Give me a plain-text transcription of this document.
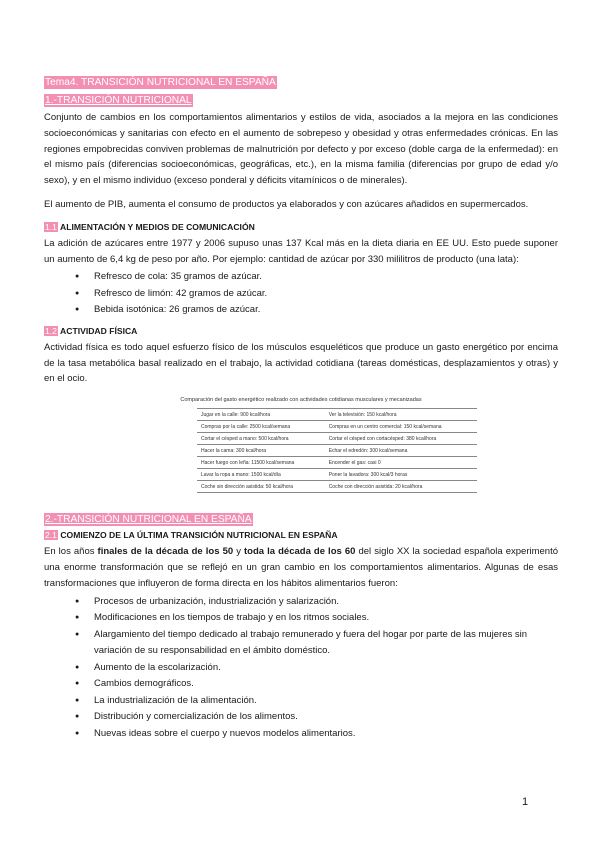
Tema4. TRANSICIÓN NUTRICIONAL EN ESPAÑA
1.-TRANSICIÓN NUTRICIONAL

Conjunto de cambios en los comportamientos alimentarios y estilos de vida, asociados a la mejora en las condiciones socioeconómicas y sanitarias con efecto en el aumento de sobrepeso y obesidad y otras enfermedades crónicas. En las regiones empobrecidas conviven problemas de malnutrición por defecto y por exceso (doble carga de la enfermedad): en el mismo país (diferencias socioeconómicas, geográficas, etc.), en la misma familia (diferencias por grupo de edad y/o sexo), y en el mismo individuo (exceso ponderal y déficits vitamínicos o de minerales).

El aumento de PIB, aumenta el consumo de productos ya elaborados y con azúcares añadidos en supermercados.

1.1 ALIMENTACIÓN Y MEDIOS DE COMUNICACIÓN

La adición de azúcares entre 1977 y 2006 supuso unas 137 Kcal más en la dieta diaria en EE UU. Esto puede suponer un aumento de 6,4 kg de peso por año. Por ejemplo: cantidad de azúcar por 330 mililitros de producto (una lata):

● Refresco de cola: 35 gramos de azúcar.
● Refresco de limón: 42 gramos de azúcar.
● Bebida isotónica: 26 gramos de azúcar.
1.2 ACTIVIDAD FÍSICA

Actividad física es todo aquel esfuerzo físico de los músculos esqueléticos que produce un gasto energético por encima de la tasa metabólica basal realizado en el trabajo, la actividad cotidiana (tareas domésticas, desplazamientos y otras) y en el ocio.

Comparación del gasto energético realizado con actividades cotidianas musculares y mecanizadas
Jugar en la calle: 900 kcal/hora	Ver la televisión: 150 kcal/hora
Compras por la calle: 2500 kcal/semana	Compras en un centro comercial: 150 kcal/semana
Cortar el césped a mano: 500 kcal/hora	Cortar el césped con cortacésped: 380 kcal/hora
Hacer la cama: 300 kcal/hora	Echar el edredón: 300 kcal/semana
Hacer fuego con leña: 11500 kcal/semana	Encender el gas: casi 0
Lavar la ropa a mano: 1500 kcal/día	Poner la lavadora: 300 kcal/3 horas
Coche sin dirección asistida: 50 kcal/hora	Coche con dirección asistida: 20 kcal/hora
2.-TRANSICIÓN NUTRICIONAL EN ESPAÑA
2.1 COMIENZO DE LA ÚLTIMA TRANSICIÓN NUTRICIONAL EN ESPAÑA

En los años finales de la década de los 50 y toda la década de los 60 del siglo XX la sociedad española experimentó una enorme transformación que se reflejó en un gran cambio en los comportamientos alimentarios. Algunas de esas transformaciones que influyeron de forma directa en los hábitos alimentarios fueron:

● Procesos de urbanización, industrialización y salarización.
● Modificaciones en los tiempos de trabajo y en los ritmos sociales.
● Alargamiento del tiempo dedicado al trabajo remunerado y fuera del hogar por parte de las mujeres sin variación de su responsabilidad en el ámbito doméstico.
● Aumento de la escolarización.
● Cambios demográficos.
● La industrialización de la alimentación.
● Distribución y comercialización de los alimentos.
● Nuevas ideas sobre el cuerpo y nuevos modelos alimentarios.
1
